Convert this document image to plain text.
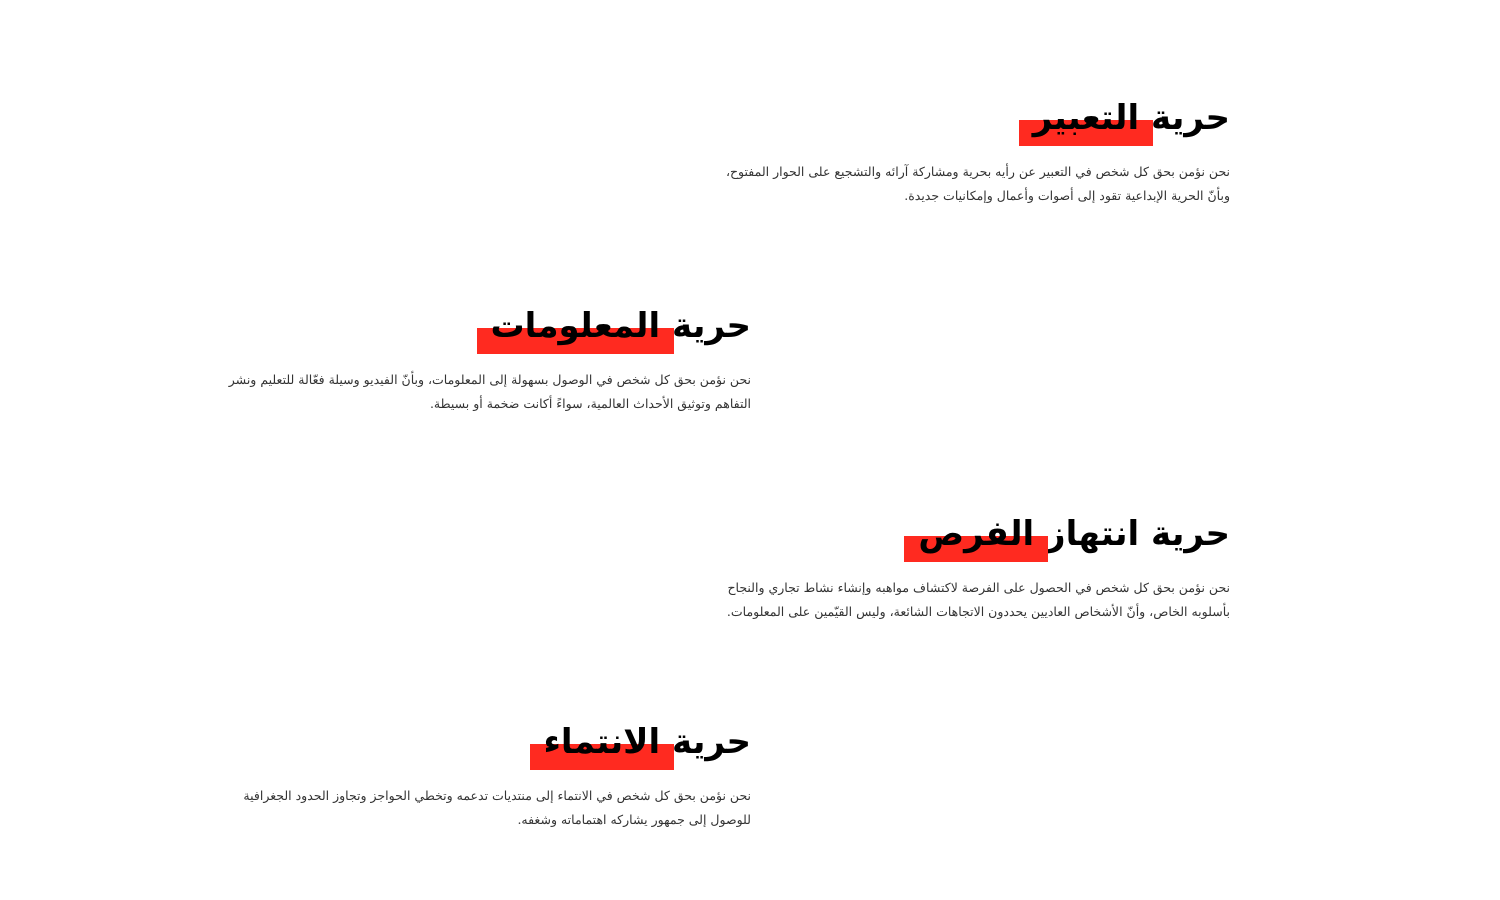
حرية التعبير

نحن نؤمن بحق كل شخص في التعبير عن رأيه بحرية ومشاركة آرائه والتشجيع على الحوار المفتوح،
وبأنّ الحرية الإبداعية تقود إلى أصوات وأعمال وإمكانيات جديدة.

حرية المعلومات

نحن نؤمن بحق كل شخص في الوصول بسهولة إلى المعلومات، وبأنّ الفيديو وسيلة فعّالة للتعليم ونشر
التفاهم وتوثيق الأحداث العالمية، سواءً أكانت ضخمة أو بسيطة.

حرية انتهاز الفرص

نحن نؤمن بحق كل شخص في الحصول على الفرصة لاكتشاف مواهبه وإنشاء نشاط تجاري والنجاح
بأسلوبه الخاص، وأنّ الأشخاص العاديين يحددون الاتجاهات الشائعة، وليس القيّمين على المعلومات.

حرية الانتماء

نحن نؤمن بحق كل شخص في الانتماء إلى منتديات تدعمه وتخطي الحواجز وتجاوز الحدود الجغرافية
للوصول إلى جمهور يشاركه اهتماماته وشغفه.
